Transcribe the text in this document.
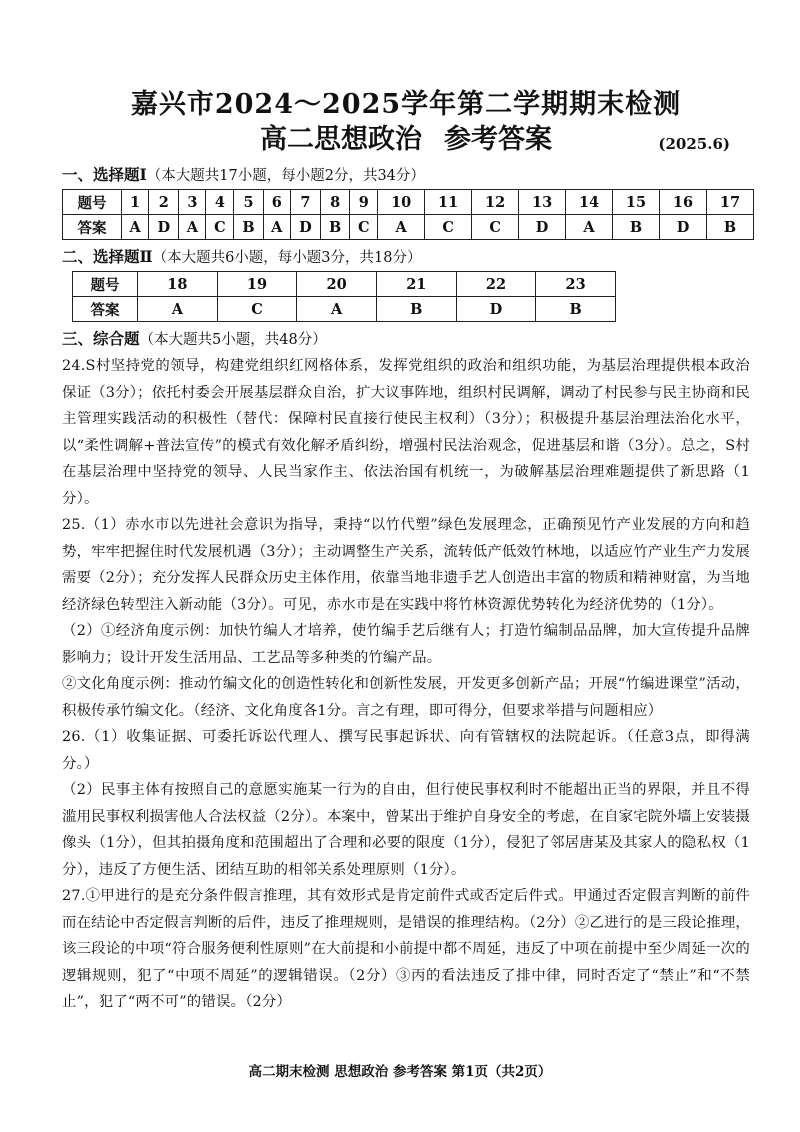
嘉兴市2024～2025学年第二学期期末检测
高二思想政治 参考答案	(2025.6)
一、选择题Ⅰ（本大题共17小题，每小题2分，共34分）
题号	1	2	3	4	5	6	7	8	9	10	11	12	13	14	15	16	17
答案	A	D	A	C	B	A	D	B	C	A	C	C	D	A	B	D	B
二、选择题Ⅱ（本大题共6小题，每小题3分，共18分）
题号	18	19	20	21	22	23
答案	A	C	A	B	D	B
三、综合题（本大题共5小题，共48分）

24.S村坚持党的领导，构建党组织红网格体系，发挥党组织的政治和组织功能，为基层治理提供根本政治保证（3分）；依托村委会开展基层群众自治，扩大议事阵地，组织村民调解，调动了村民参与民主协商和民主管理实践活动的积极性（替代：保障村民直接行使民主权利）（3分）；积极提升基层治理法治化水平，以“柔性调解+普法宣传”的模式有效化解矛盾纠纷，增强村民法治观念，促进基层和谐（3分）。总之，S村在基层治理中坚持党的领导、人民当家作主、依法治国有机统一，为破解基层治理难题提供了新思路（1分）。

25.（1）赤水市以先进社会意识为指导，秉持“以竹代塑”绿色发展理念，正确预见竹产业发展的方向和趋势，牢牢把握住时代发展机遇（3分）；主动调整生产关系，流转低产低效竹林地，以适应竹产业生产力发展需要（2分）；充分发挥人民群众历史主体作用，依靠当地非遗手艺人创造出丰富的物质和精神财富，为当地经济绿色转型注入新动能（3分）。可见，赤水市是在实践中将竹林资源优势转化为经济优势的（1分）。

（2）①经济角度示例：加快竹编人才培养，使竹编手艺后继有人；打造竹编制品品牌，加大宣传提升品牌影响力；设计开发生活用品、工艺品等多种类的竹编产品。

②文化角度示例：推动竹编文化的创造性转化和创新性发展，开发更多创新产品；开展“竹编进课堂”活动，积极传承竹编文化。（经济、文化角度各1分。言之有理，即可得分，但要求举措与问题相应）

26.（1）收集证据、可委托诉讼代理人、撰写民事起诉状、向有管辖权的法院起诉。（任意3点，即得满分。）

（2）民事主体有按照自己的意愿实施某一行为的自由，但行使民事权利时不能超出正当的界限，并且不得滥用民事权利损害他人合法权益（2分）。本案中，曾某出于维护自身安全的考虑，在自家宅院外墙上安装摄像头（1分），但其拍摄角度和范围超出了合理和必要的限度（1分），侵犯了邻居唐某及其家人的隐私权（1分），违反了方便生活、团结互助的相邻关系处理原则（1分）。

27.①甲进行的是充分条件假言推理，其有效形式是肯定前件式或否定后件式。甲通过否定假言判断的前件而在结论中否定假言判断的后件，违反了推理规则，是错误的推理结构。（2分）②乙进行的是三段论推理，该三段论的中项“符合服务便利性原则”在大前提和小前提中都不周延，违反了中项在前提中至少周延一次的逻辑规则，犯了“中项不周延”的逻辑错误。（2分）③丙的看法违反了排中律，同时否定了“禁止”和“不禁止”，犯了“两不可”的错误。（2分）

高二期末检测 思想政治 参考答案 第1页（共2页）
